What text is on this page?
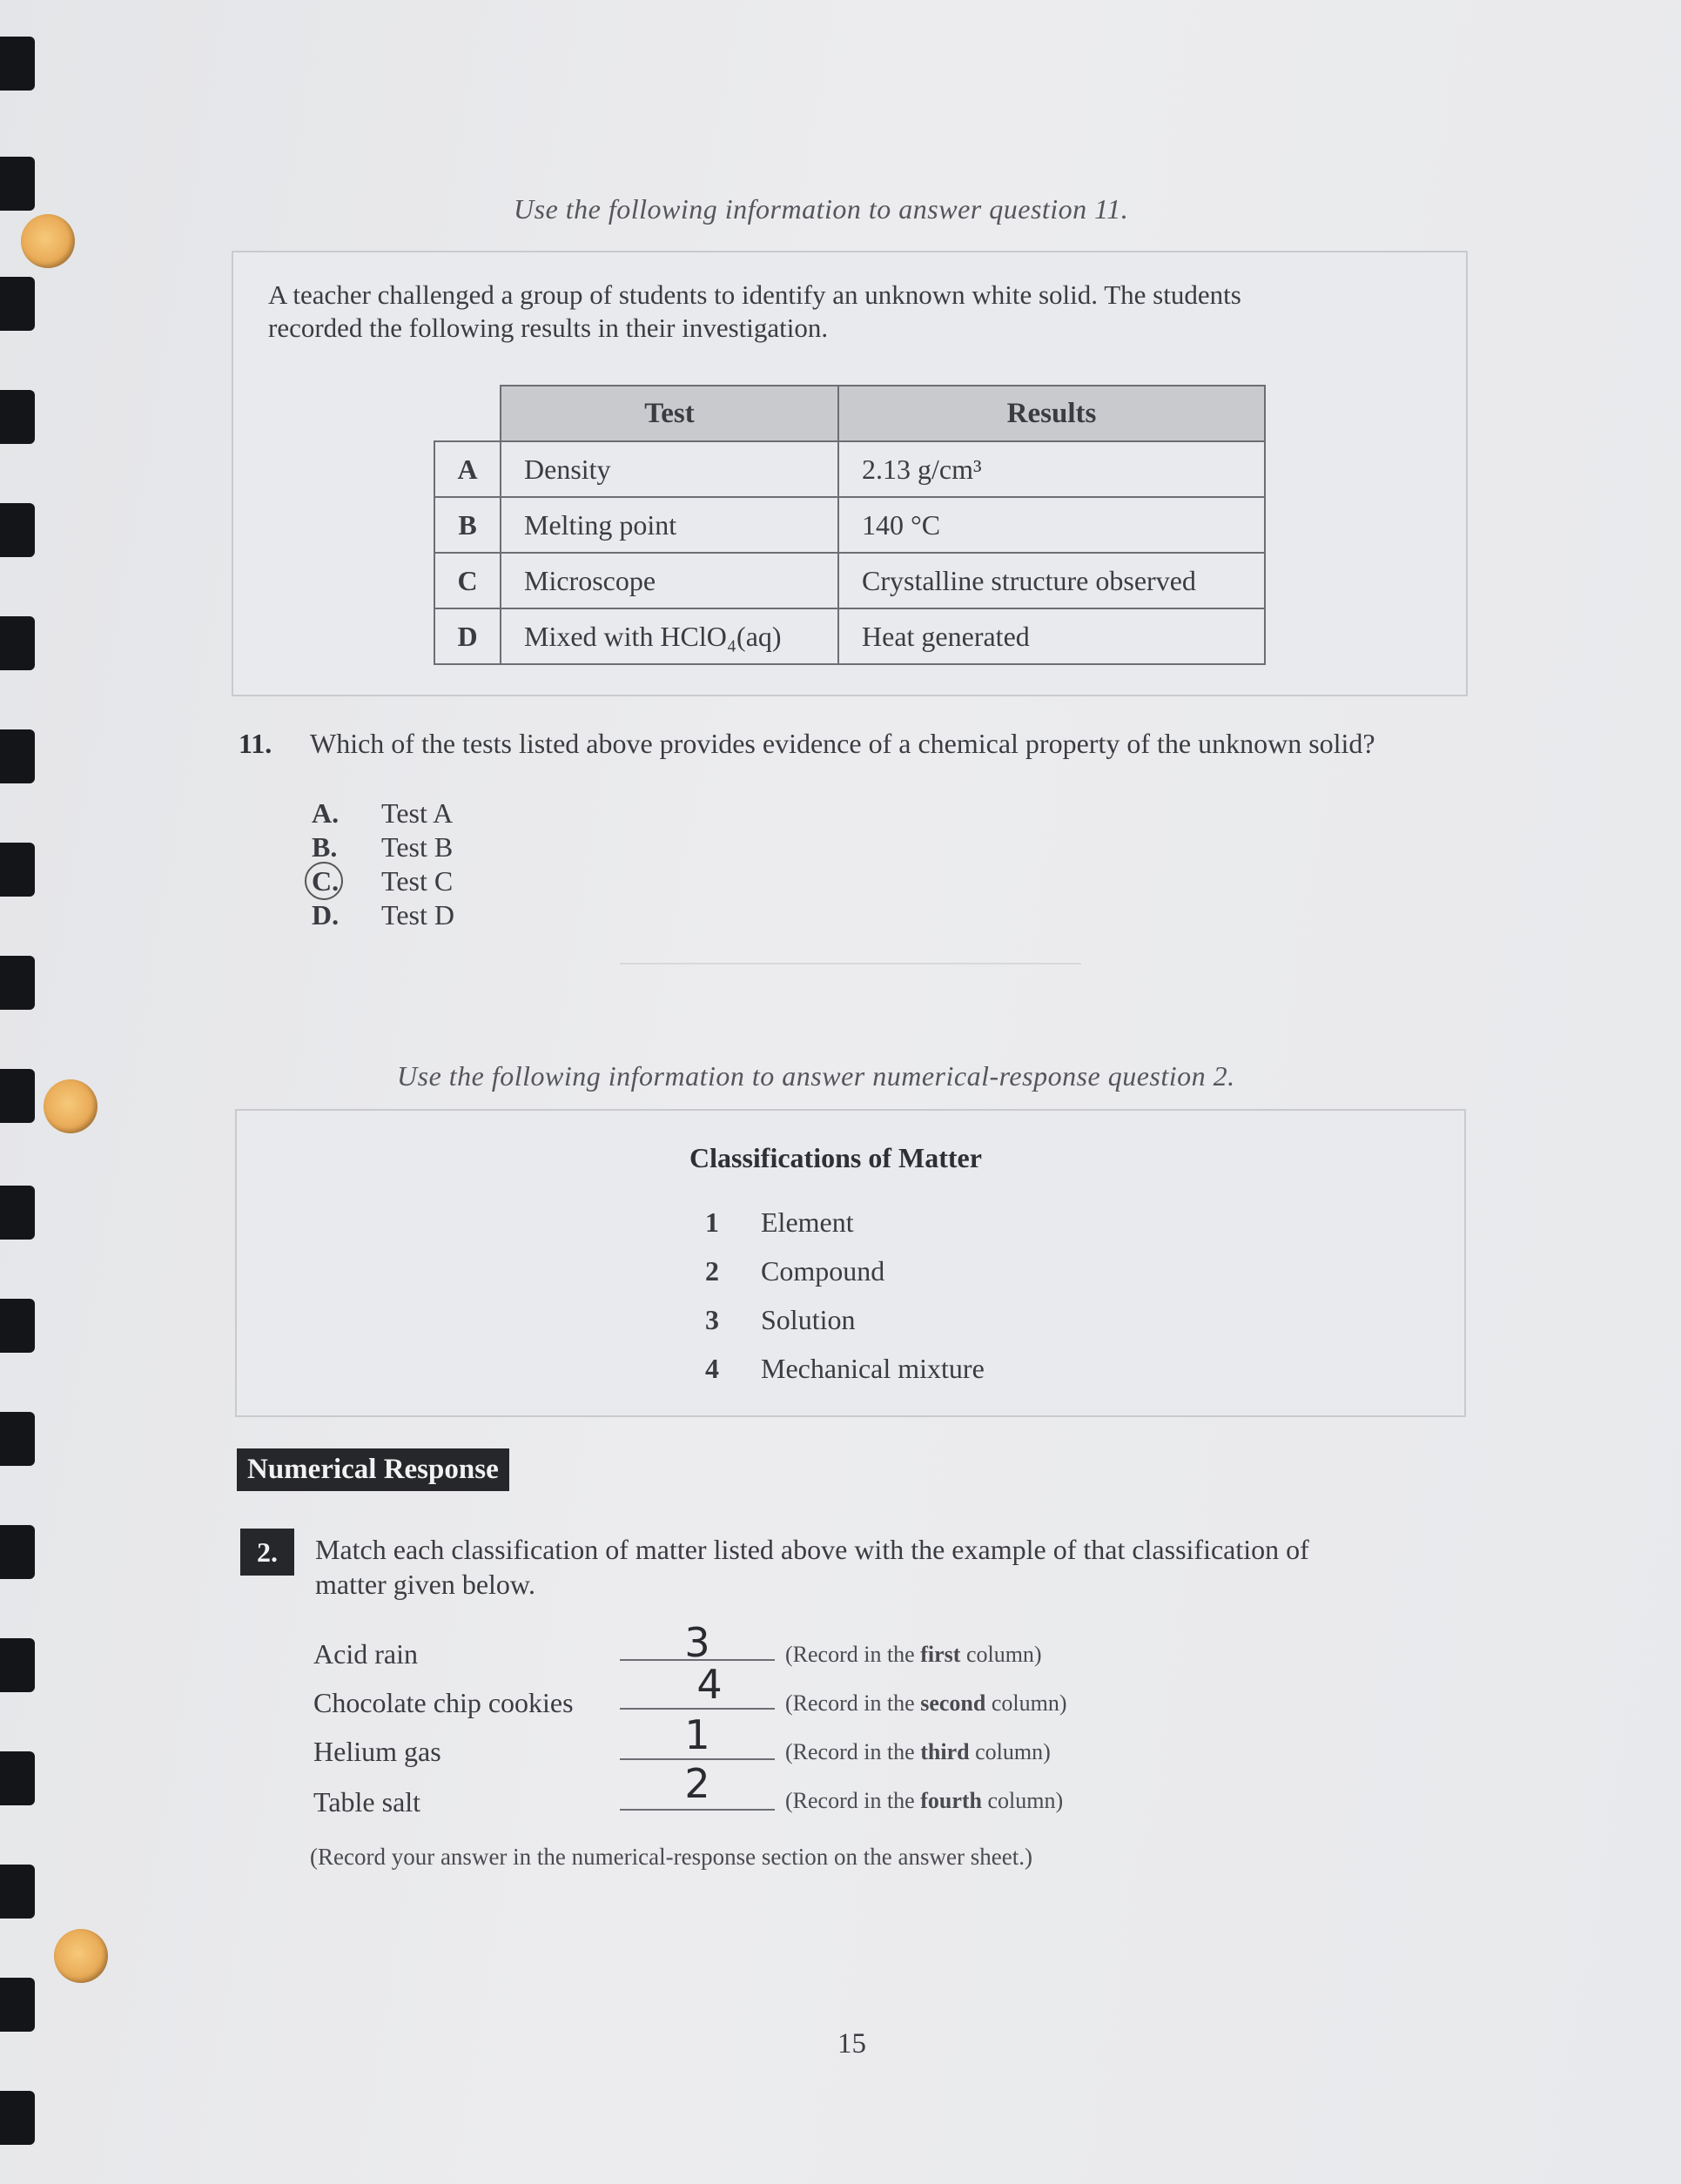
Use the following information to answer question 11.
A teacher challenged a group of students to identify an unknown white solid. The students
recorded the following results in their investigation.
	Test	Results
A	Density	2.13 g/cm³
B	Melting point	140 °C
C	Microscope	Crystalline structure observed
D	Mixed with HClO₄(aq)	Heat generated
11. Which of the tests listed above provides evidence of a chemical property of the unknown solid?
A. Test A
B. Test B
C. Test C
D. Test D
Use the following information to answer numerical-response question 2.
Classifications of Matter
1 Element
2 Compound
3 Solution
4 Mechanical mixture
Numerical Response
2.	Match each classification of matter listed above with the example of that classification of
matter given below.
Acid rain	3	(Record in the first column)
Chocolate chip cookies	4	(Record in the second column)
Helium gas	1	(Record in the third column)
Table salt	2	(Record in the fourth column)
(Record your answer in the numerical-response section on the answer sheet.)
15
